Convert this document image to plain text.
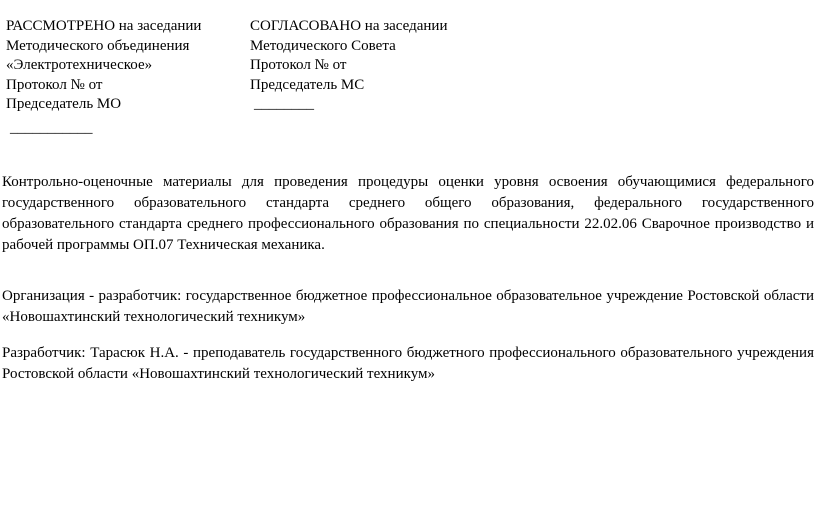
РАССМОТРЕНО на заседании
Методического объединения
«Электротехническое»
Протокол № от
Председатель МО
___________
СОГЛАСОВАНО на заседании
Методического Совета
Протокол № от
Председатель МС
________
Контрольно-оценочные материалы для проведения процедуры оценки уровня освоения обучающимися федерального государственного образовательного стандарта среднего общего образования, федерального государственного образовательного стандарта среднего профессионального образования по специальности 22.02.06 Сварочное производство и рабочей программы ОП.07 Техническая механика.
Организация - разработчик: государственное бюджетное профессиональное образовательное учреждение Ростовской области «Новошахтинский технологический техникум»
Разработчик: Тарасюк Н.А. - преподаватель государственного бюджетного профессионального образовательного учреждения Ростовской области «Новошахтинский технологический техникум»
